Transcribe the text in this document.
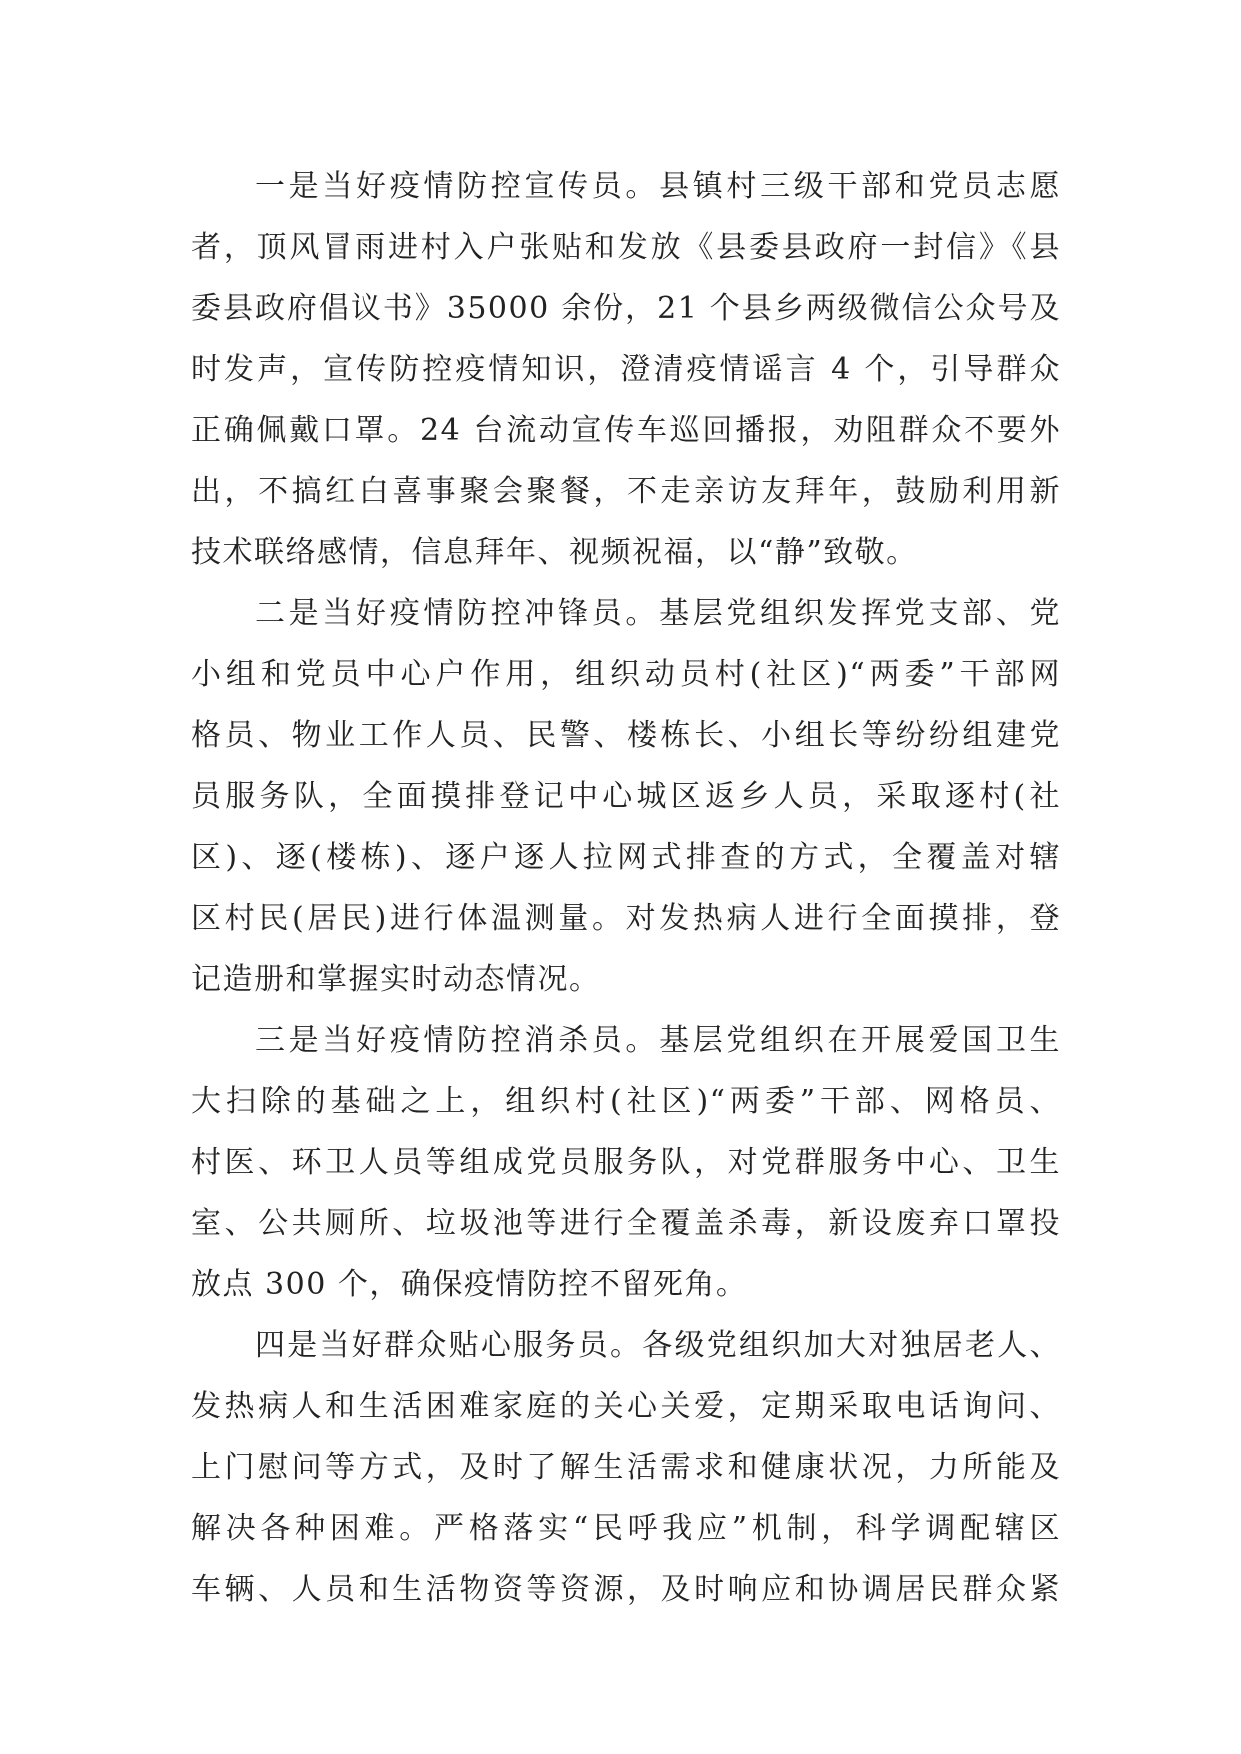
一是当好疫情防控宣传员。县镇村三级干部和党员志愿
者，顶风冒雨进村入户张贴和发放《县委县政府一封信》《县
委县政府倡议书》35000 余份，21 个县乡两级微信公众号及
时发声，宣传防控疫情知识，澄清疫情谣言 4 个，引导群众
正确佩戴口罩。24 台流动宣传车巡回播报，劝阻群众不要外
出，不搞红白喜事聚会聚餐，不走亲访友拜年，鼓励利用新
技术联络感情，信息拜年、视频祝福，以“静”致敬。

二是当好疫情防控冲锋员。基层党组织发挥党支部、党
小组和党员中心户作用，组织动员村(社区)“两委”干部网
格员、物业工作人员、民警、楼栋长、小组长等纷纷组建党
员服务队，全面摸排登记中心城区返乡人员，采取逐村(社
区)、逐(楼栋)、逐户逐人拉网式排查的方式，全覆盖对辖
区村民(居民)进行体温测量。对发热病人进行全面摸排，登
记造册和掌握实时动态情况。

三是当好疫情防控消杀员。基层党组织在开展爱国卫生
大扫除的基础之上，组织村(社区)“两委”干部、网格员、
村医、环卫人员等组成党员服务队，对党群服务中心、卫生
室、公共厕所、垃圾池等进行全覆盖杀毒，新设废弃口罩投
放点 300 个，确保疫情防控不留死角。

四是当好群众贴心服务员。各级党组织加大对独居老人、
发热病人和生活困难家庭的关心关爱，定期采取电话询问、
上门慰问等方式，及时了解生活需求和健康状况，力所能及
解决各种困难。严格落实“民呼我应”机制，科学调配辖区
车辆、人员和生活物资等资源，及时响应和协调居民群众紧
